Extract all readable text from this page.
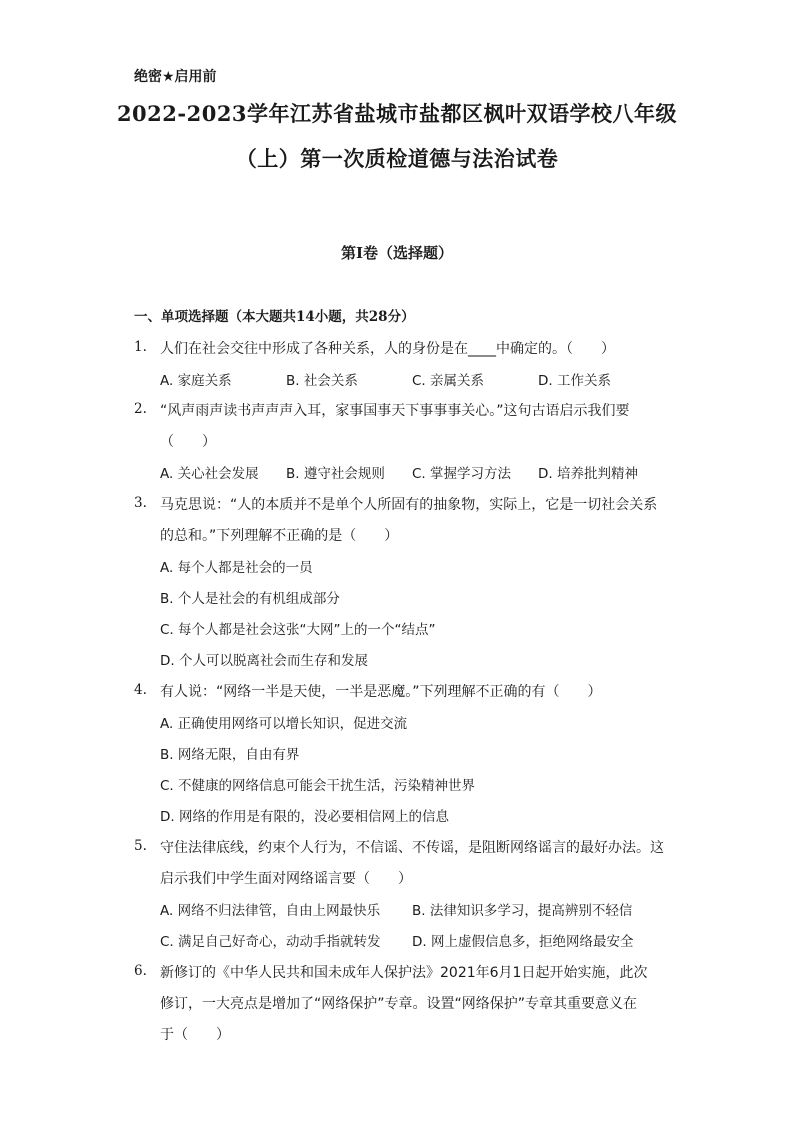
绝密★启用前
2022-2023学年江苏省盐城市盐都区枫叶双语学校八年级
（上）第一次质检道德与法治试卷
第Ⅰ卷（选择题）
一、单项选择题（本大题共14小题，共28分）
1. 人们在社会交往中形成了各种关系，人的身份是在____中确定的。（　　）
A. 家庭关系	B. 社会关系	C. 亲属关系	D. 工作关系
2. “风声雨声读书声声声入耳，家事国事天下事事事关心。”这句古语启示我们要
（　　）
A. 关心社会发展 B. 遵守社会规则 C. 掌握学习方法 D. 培养批判精神
3. 马克思说：“人的本质并不是单个人所固有的抽象物，实际上，它是一切社会关系
的总和。”下列理解不正确的是（　　）
A. 每个人都是社会的一员
B. 个人是社会的有机组成部分
C. 每个人都是社会这张“大网”上的一个“结点”
D. 个人可以脱离社会而生存和发展
4. 有人说：“网络一半是天使，一半是恶魔。”下列理解不正确的有（　　）
A. 正确使用网络可以增长知识，促进交流
B. 网络无限，自由有界
C. 不健康的网络信息可能会干扰生活，污染精神世界
D. 网络的作用是有限的，没必要相信网上的信息
5. 守住法律底线，约束个人行为，不信谣、不传谣，是阻断网络谣言的最好办法。这
启示我们中学生面对网络谣言要（　　）
A. 网络不归法律管，自由上网最快乐 B. 法律知识多学习，提高辨别不轻信
C. 满足自己好奇心，动动手指就转发 D. 网上虚假信息多，拒绝网络最安全
6. 新修订的《中华人民共和国未成年人保护法》2021年6月1日起开始实施，此次
修订，一大亮点是增加了“网络保护”专章。设置“网络保护”专章其重要意义在
于（　　）
